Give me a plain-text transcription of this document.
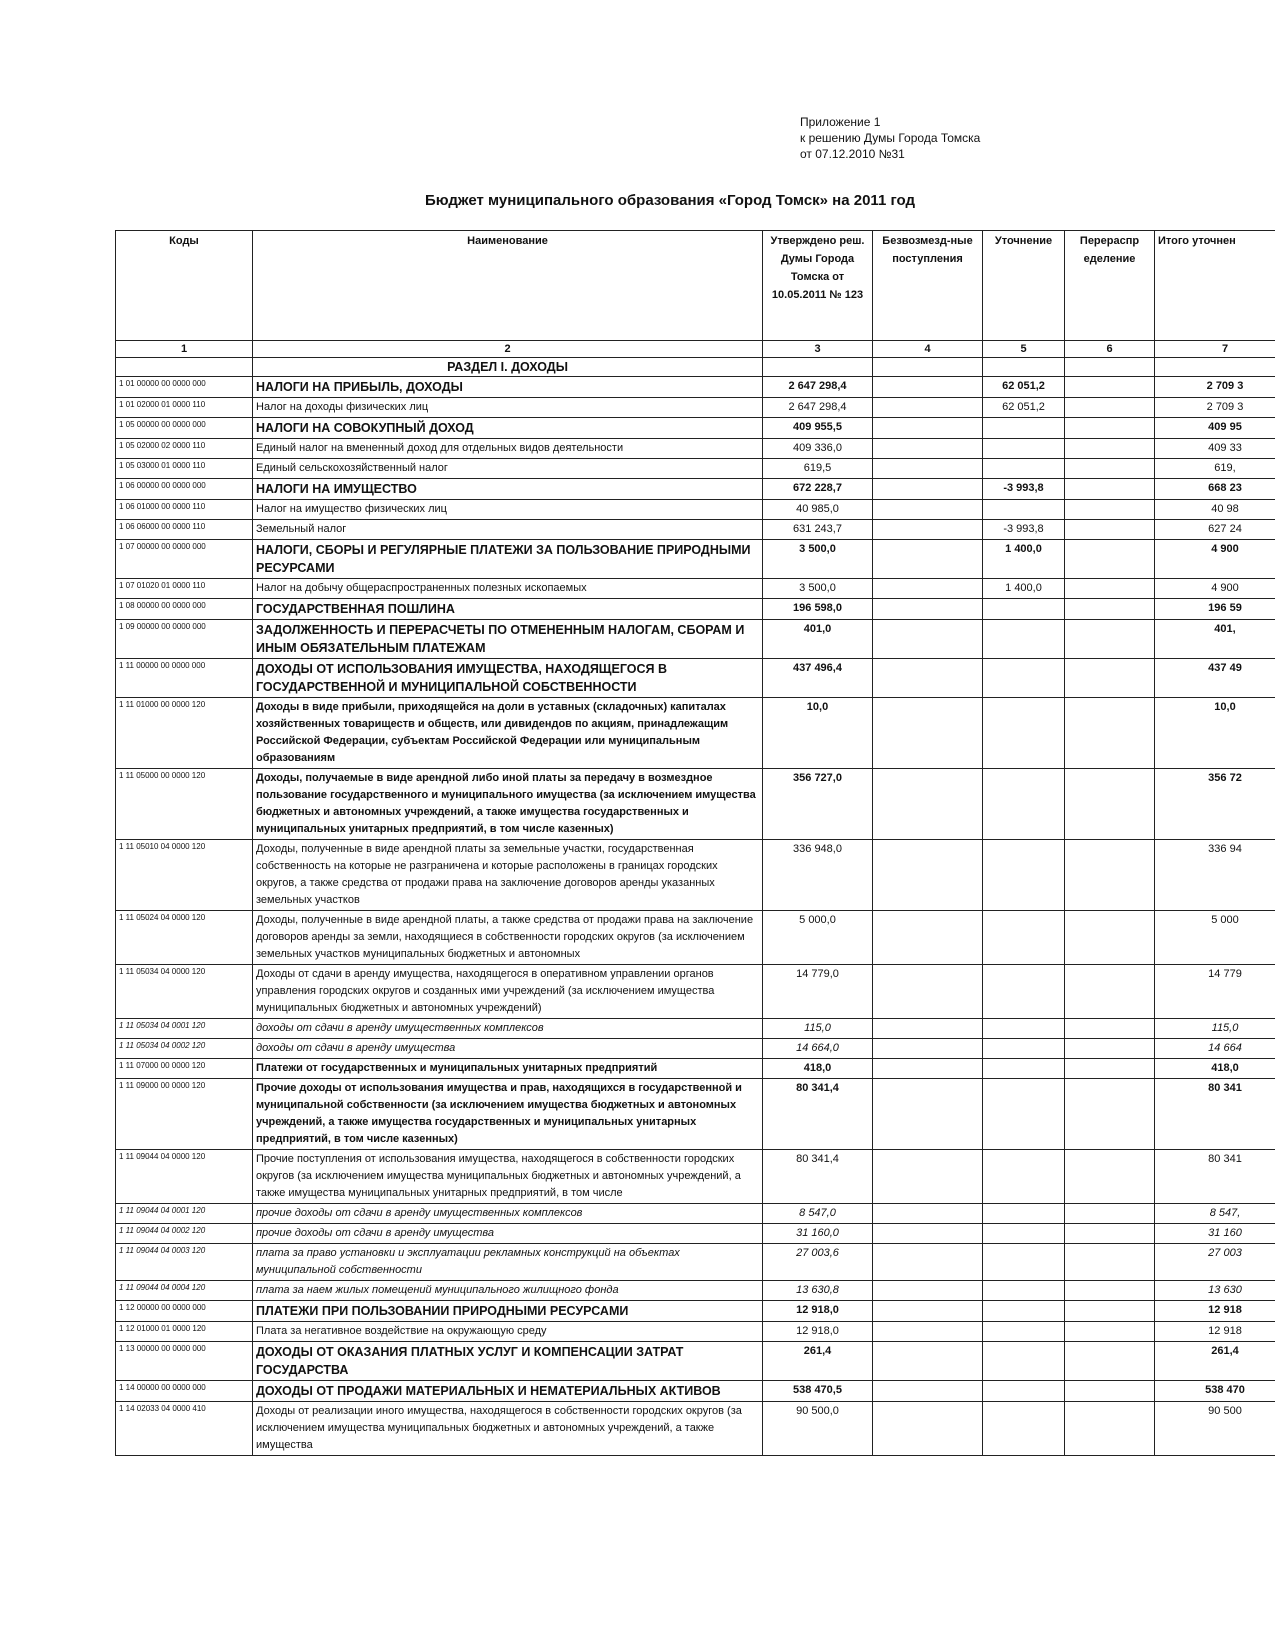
Приложение 1
к решению Думы Города Томска
от 07.12.2010 №31
Бюджет муниципального образования «Город Томск» на 2011 год
Коды	Наименование	Утверждено реш. Думы Города Томска от 10.05.2011 № 123	Безвозмезд-ные поступления	Уточнение	Перераспр еделение	Итого уточнен
1	2	3	4	5	6	7
	РАЗДЕЛ I. ДОХОДЫ					
1 01 00000 00 0000 000	НАЛОГИ НА ПРИБЫЛЬ, ДОХОДЫ	2 647 298,4		62 051,2		2 709 3
1 01 02000 01 0000 110	Налог на доходы физических лиц	2 647 298,4		62 051,2		2 709 3
1 05 00000 00 0000 000	НАЛОГИ НА СОВОКУПНЫЙ ДОХОД	409 955,5				409 95
1 05 02000 02 0000 110	Единый налог на вмененный доход для отдельных видов деятельности	409 336,0				409 33
1 05 03000 01 0000 110	Единый сельскохозяйственный налог	619,5				619,
1 06 00000 00 0000 000	НАЛОГИ НА ИМУЩЕСТВО	672 228,7		-3 993,8		668 23
1 06 01000 00 0000 110	Налог на имущество физических лиц	40 985,0				40 98
1 06 06000 00 0000 110	Земельный налог	631 243,7		-3 993,8		627 24
1 07 00000 00 0000 000	НАЛОГИ, СБОРЫ И РЕГУЛЯРНЫЕ ПЛАТЕЖИ ЗА ПОЛЬЗОВАНИЕ ПРИРОДНЫМИ РЕСУРСАМИ	3 500,0		1 400,0		4 900
1 07 01020 01 0000 110	Налог на добычу общераспространенных полезных ископаемых	3 500,0		1 400,0		4 900
1 08 00000 00 0000 000	ГОСУДАРСТВЕННАЯ ПОШЛИНА	196 598,0				196 59
1 09 00000 00 0000 000	ЗАДОЛЖЕННОСТЬ И ПЕРЕРАСЧЕТЫ ПО ОТМЕНЕННЫМ НАЛОГАМ, СБОРАМ И ИНЫМ ОБЯЗАТЕЛЬНЫМ ПЛАТЕЖАМ	401,0				401,
1 11 00000 00 0000 000	ДОХОДЫ ОТ ИСПОЛЬЗОВАНИЯ ИМУЩЕСТВА, НАХОДЯЩЕГОСЯ В ГОСУДАРСТВЕННОЙ И МУНИЦИПАЛЬНОЙ СОБСТВЕННОСТИ	437 496,4				437 49
1 11 01000 00 0000 120	Доходы в виде прибыли, приходящейся на доли в уставных (складочных) капиталах хозяйственных товариществ и обществ, или дивидендов по акциям, принадлежащим Российской Федерации, субъектам Российской Федерации или муниципальным образованиям	10,0				10,0
1 11 05000 00 0000 120	Доходы, получаемые в виде арендной либо иной платы за передачу в возмездное пользование государственного и муниципального имущества (за исключением имущества бюджетных и автономных учреждений, а также имущества государственных и муниципальных унитарных предприятий, в том числе казенных)	356 727,0				356 72
1 11 05010 04 0000 120	Доходы, полученные в виде арендной платы за земельные участки, государственная собственность на которые не разграничена и которые расположены в границах городских округов, а также средства от продажи права на заключение договоров аренды указанных земельных участков	336 948,0				336 94
1 11 05024 04 0000 120	Доходы, полученные в виде арендной платы, а также средства от продажи права на заключение договоров аренды за земли, находящиеся в собственности городских округов (за исключением земельных участков муниципальных бюджетных и автономных	5 000,0				5 000
1 11 05034 04 0000 120	Доходы от сдачи в аренду имущества, находящегося в оперативном управлении органов управления городских округов и созданных ими учреждений (за исключением имущества муниципальных бюджетных и автономных учреждений)	14 779,0				14 779
1 11 05034 04 0001 120	доходы от сдачи в аренду имущественных комплексов	115,0				115,0
1 11 05034 04 0002 120	доходы от сдачи в аренду имущества	14 664,0				14 664
1 11 07000 00 0000 120	Платежи от государственных и муниципальных унитарных предприятий	418,0				418,0
1 11 09000 00 0000 120	Прочие доходы от использования имущества и прав, находящихся в государственной и муниципальной собственности (за исключением имущества бюджетных и автономных учреждений, а также имущества государственных и муниципальных унитарных предприятий, в том числе казенных)	80 341,4				80 341
1 11 09044 04 0000 120	Прочие поступления от использования имущества, находящегося в собственности городских округов (за исключением имущества муниципальных бюджетных и автономных учреждений, а также имущества муниципальных унитарных предприятий, в том числе	80 341,4				80 341
1 11 09044 04 0001 120	прочие доходы от сдачи в аренду имущественных комплексов	8 547,0				8 547,
1 11 09044 04 0002 120	прочие доходы от сдачи в аренду имущества	31 160,0				31 160
1 11 09044 04 0003 120	плата за право установки и эксплуатации рекламных конструкций на объектах муниципальной собственности	27 003,6				27 003
1 11 09044 04 0004 120	плата за наем жилых помещений муниципального жилищного фонда	13 630,8				13 630
1 12 00000 00 0000 000	ПЛАТЕЖИ ПРИ ПОЛЬЗОВАНИИ ПРИРОДНЫМИ РЕСУРСАМИ	12 918,0				12 918
1 12 01000 01 0000 120	Плата за негативное воздействие на окружающую среду	12 918,0				12 918
1 13 00000 00 0000 000	ДОХОДЫ ОТ ОКАЗАНИЯ ПЛАТНЫХ УСЛУГ И КОМПЕНСАЦИИ ЗАТРАТ ГОСУДАРСТВА	261,4				261,4
1 14 00000 00 0000 000	ДОХОДЫ ОТ ПРОДАЖИ МАТЕРИАЛЬНЫХ И НЕМАТЕРИАЛЬНЫХ АКТИВОВ	538 470,5				538 470
1 14 02033 04 0000 410	Доходы от реализации иного имущества, находящегося в собственности городских округов (за исключением имущества муниципальных бюджетных и автономных учреждений, а также имущества	90 500,0				90 500
